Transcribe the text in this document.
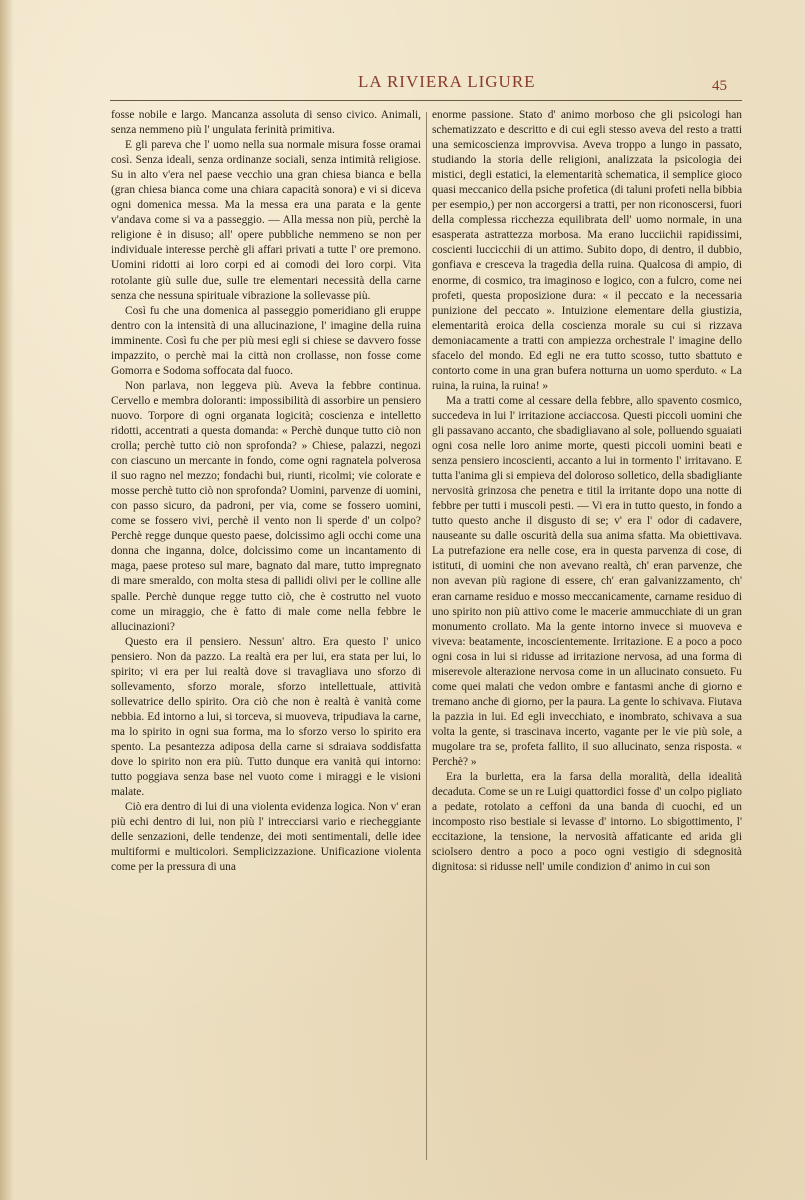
LA RIVIERA LIGURE	45

fosse nobile e largo. Mancanza assoluta di senso civico. Animali, senza nemmeno più l' ungulata ferinità primitiva.

E gli pareva che l' uomo nella sua normale misura fosse oramai così. Senza ideali, senza ordinanze sociali, senza intimità religiose. Su in alto v'era nel paese vecchio una gran chiesa bianca e bella (gran chiesa bianca come una chiara capacità sonora) e vi si diceva ogni domenica messa. Ma la messa era una parata e la gente v'andava come si va a passeggio. — Alla messa non più, perchè la religione è in disuso; all' opere pubbliche nemmeno se non per individuale interesse perchè gli affari privati a tutte l' ore premono. Uomini ridotti ai loro corpi ed ai comodi dei loro corpi. Vita rotolante giù sulle due, sulle tre elementari necessità della carne senza che nessuna spirituale vibrazione la sollevasse più.

Così fu che una domenica al passeggio pomeridiano gli eruppe dentro con la intensità di una allucinazione, l' imagine della ruina imminente. Così fu che per più mesi egli si chiese se davvero fosse impazzito, o perchè mai la città non crollasse, non fosse come Gomorra e Sodoma soffocata dal fuoco.

Non parlava, non leggeva più. Aveva la febbre continua. Cervello e membra doloranti: impossibilità di assorbire un pensiero nuovo. Torpore di ogni organata logicità; coscienza e intelletto ridotti, accentrati a questa domanda: « Perchè dunque tutto ciò non crolla; perchè tutto ciò non sprofonda? » Chiese, palazzi, negozi con ciascuno un mercante in fondo, come ogni ragnatela polverosa il suo ragno nel mezzo; fondachi bui, riunti, ricolmi; vie colorate e mosse perchè tutto ciò non sprofonda? Uomini, parvenze di uomini, con passo sicuro, da padroni, per via, come se fossero uomini, come se fossero vivi, perchè il vento non li sperde d' un colpo? Perchè regge dunque questo paese, dolcissimo agli occhi come una donna che inganna, dolce, dolcissimo come un incantamento di maga, paese proteso sul mare, bagnato dal mare, tutto impregnato di mare smeraldo, con molta stesa di pallidi olivi per le colline alle spalle. Perchè dunque regge tutto ciò, che è costrutto nel vuoto come un miraggio, che è fatto di male come nella febbre le allucinazioni?

Questo era il pensiero. Nessun' altro. Era questo l' unico pensiero. Non da pazzo. La realtà era per lui, era stata per lui, lo spirito; vi era per lui realtà dove si travagliava uno sforzo di sollevamento, sforzo morale, sforzo intellettuale, attività sollevatrice dello spirito. Ora ciò che non è realtà è vanità come nebbia. Ed intorno a lui, si torceva, si muoveva, tripudiava la carne, ma lo spirito in ogni sua forma, ma lo sforzo verso lo spirito era spento. La pesantezza adiposa della carne si sdraiava soddisfatta dove lo spirito non era più. Tutto dunque era vanità qui intorno: tutto poggiava senza base nel vuoto come i miraggi e le visioni malate.

Ciò era dentro di lui di una violenta evidenza logica. Non v' eran più echi dentro di lui, non più l' intrecciarsi vario e riecheggiante delle senzazioni, delle tendenze, dei moti sentimentali, delle idee multiformi e multicolori. Semplicizzazione. Unificazione violenta come per la pressura di una

enorme passione. Stato d' animo morboso che gli psicologi han schematizzato e descritto e di cui egli stesso aveva del resto a tratti una semicoscienza improvvisa. Aveva troppo a lungo in passato, studiando la storia delle religioni, analizzata la psicologia dei mistici, degli estatici, la elementarità schematica, il semplice gioco quasi meccanico della psiche profetica (di taluni profeti nella bibbia per esempio,) per non accorgersi a tratti, per non riconoscersi, fuori della complessa ricchezza equilibrata dell' uomo normale, in una esasperata astrattezza morbosa. Ma erano lucciichii rapidissimi, coscienti luccicchii di un attimo. Subito dopo, di dentro, il dubbio, gonfiava e cresceva la tragedia della ruina. Qualcosa di ampio, di enorme, di cosmico, tra imaginoso e logico, con a fulcro, come nei profeti, questa proposizione dura: « il peccato e la necessaria punizione del peccato ». Intuizione elementare della giustizia, elementarità eroica della coscienza morale su cui si rizzava demoniacamente a tratti con ampiezza orchestrale l' imagine dello sfacelo del mondo. Ed egli ne era tutto scosso, tutto sbattuto e contorto come in una gran bufera notturna un uomo sperduto. « La ruina, la ruina, la ruina! »

Ma a tratti come al cessare della febbre, allo spavento cosmico, succedeva in lui l' irritazione acciaccosa. Questi piccoli uomini che gli passavano accanto, che sbadigliavano al sole, polluendo sguaiati ogni cosa nelle loro anime morte, questi piccoli uomini beati e senza pensiero incoscienti, accanto a lui in tormento l' irritavano. E tutta l'anima gli si empieva del doloroso solletico, della sbadigliante nervosità grinzosa che penetra e titil la irritante dopo una notte di febbre per tutti i muscoli pesti. — Vi era in tutto questo, in fondo a tutto questo anche il disgusto di se; v' era l' odor di cadavere, nauseante su dalle oscurità della sua anima sfatta. Ma obiettivava. La putrefazione era nelle cose, era in questa parvenza di cose, di istituti, di uomini che non avevano realtà, ch' eran parvenze, che non avevan più ragione di essere, ch' eran galvanizzamento, ch' eran carname residuo e mosso meccanicamente, carname residuo di uno spirito non più attivo come le macerie ammucchiate di un gran monumento crollato. Ma la gente intorno invece si muoveva e viveva: beatamente, incoscientemente. Irritazione. E a poco a poco ogni cosa in lui si ridusse ad irritazione nervosa, ad una forma di miserevole alterazione nervosa come in un allucinato consueto. Fu come quei malati che vedon ombre e fantasmi anche di giorno e tremano anche di giorno, per la paura. La gente lo schivava. Fiutava la pazzia in lui. Ed egli invecchiato, e inombrato, schivava a sua volta la gente, si trascinava incerto, vagante per le vie più sole, a mugolare tra se, profeta fallito, il suo allucinato, senza risposta. « Perchè? »

Era la burletta, era la farsa della moralità, della idealità decaduta. Come se un re Luigi quattordici fosse d' un colpo pigliato a pedate, rotolato a ceffoni da una banda di cuochi, ed un incomposto riso bestiale si levasse d' intorno. Lo sbigottimento, l' eccitazione, la tensione, la nervosità affaticante ed arida gli sciolsero dentro a poco a poco ogni vestigio di sdegnosità dignitosa: si ridusse nell' umile condizion d' animo in cui son
